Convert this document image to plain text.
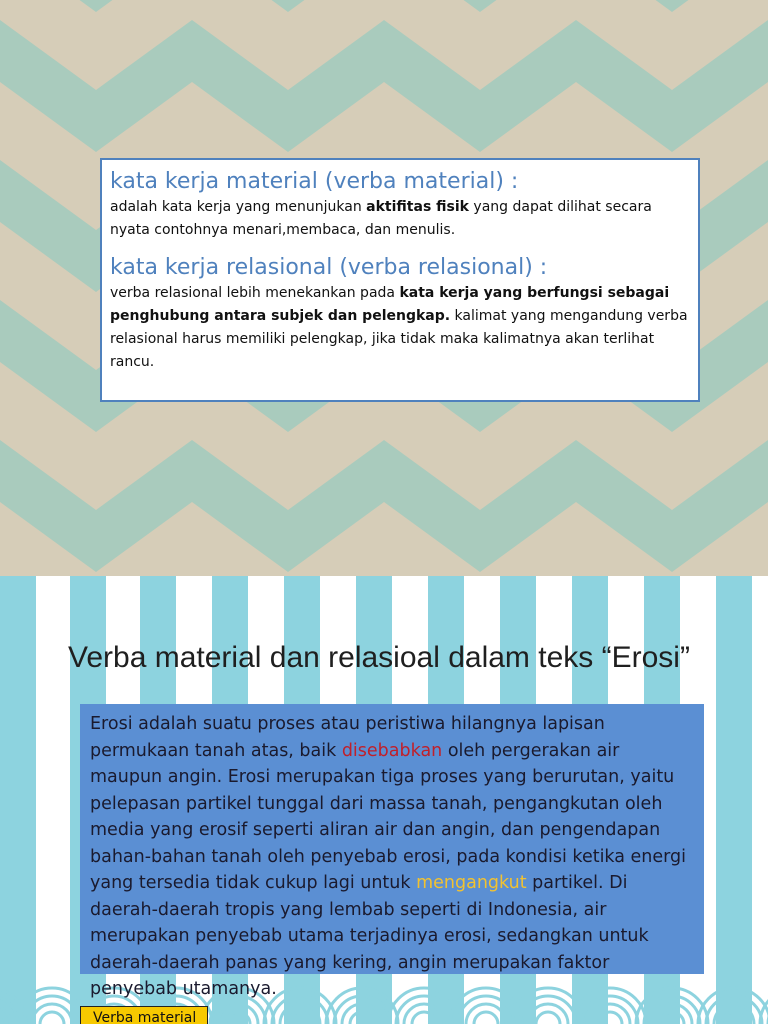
kata kerja material (verba material) :

adalah kata kerja yang menunjukan aktifitas fisik yang dapat dilihat secara nyata contohnya menari,membaca, dan menulis.

kata kerja relasional (verba relasional) :

verba relasional lebih menekankan pada kata kerja yang berfungsi sebagai penghubung antara subjek dan pelengkap. kalimat yang mengandung verba relasional harus memiliki pelengkap, jika tidak maka kalimatnya akan terlihat rancu.

Verba material dan relasioal dalam teks “Erosi”

Erosi adalah suatu proses atau peristiwa hilangnya lapisan permukaan tanah atas, baik disebabkan oleh pergerakan air maupun angin. Erosi merupakan tiga proses yang berurutan, yaitu pelepasan partikel tunggal dari massa tanah, pengangkutan oleh media yang erosif seperti aliran air dan angin, dan pengendapan bahan-bahan tanah oleh penyebab erosi, pada kondisi ketika energi yang tersedia tidak cukup lagi untuk mengangkut partikel. Di daerah-daerah tropis yang lembab seperti di Indonesia, air merupakan penyebab utama terjadinya erosi, sedangkan untuk daerah-daerah panas yang kering, angin merupakan faktor penyebab utamanya.

Verba material
